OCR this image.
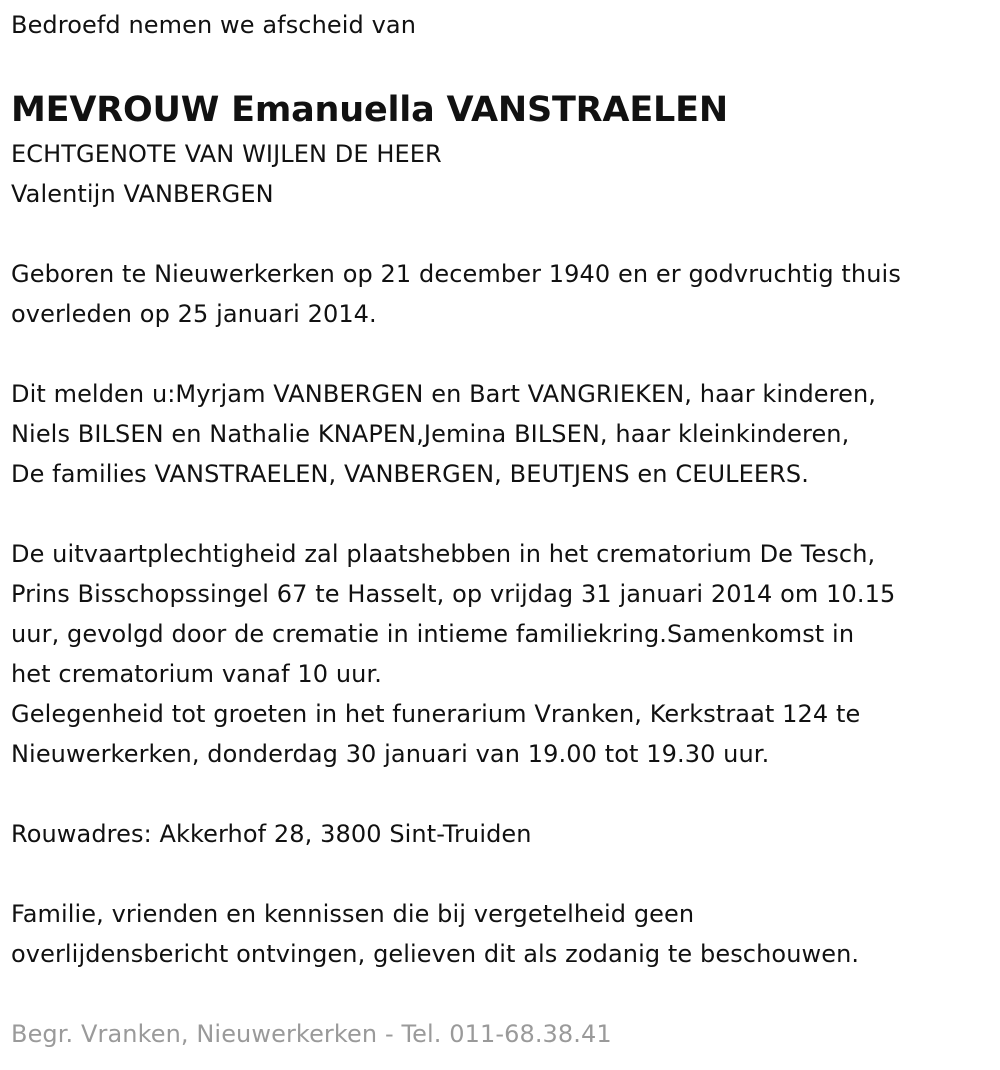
Bedroefd nemen we afscheid van
MEVROUW Emanuella VANSTRAELEN
ECHTGENOTE VAN WIJLEN DE HEER
Valentijn VANBERGEN
Geboren te Nieuwerkerken op 21 december 1940 en er godvruchtig thuis
overleden op 25 januari 2014.
Dit melden u:Myrjam VANBERGEN en Bart VANGRIEKEN, haar kinderen,
Niels BILSEN en Nathalie KNAPEN,Jemina BILSEN, haar kleinkinderen,
De families VANSTRAELEN, VANBERGEN, BEUTJENS en CEULEERS.
De uitvaartplechtigheid zal plaatshebben in het crematorium De Tesch,
Prins Bisschopssingel 67 te Hasselt, op vrijdag 31 januari 2014 om 10.15
uur, gevolgd door de crematie in intieme familiekring.Samenkomst in
het crematorium vanaf 10 uur.
Gelegenheid tot groeten in het funerarium Vranken, Kerkstraat 124 te
Nieuwerkerken, donderdag 30 januari van 19.00 tot 19.30 uur.
Rouwadres: Akkerhof 28, 3800 Sint-Truiden
Familie, vrienden en kennissen die bij vergetelheid geen
overlijdensbericht ontvingen, gelieven dit als zodanig te beschouwen.
Begr. Vranken, Nieuwerkerken - Tel. 011-68.38.41
